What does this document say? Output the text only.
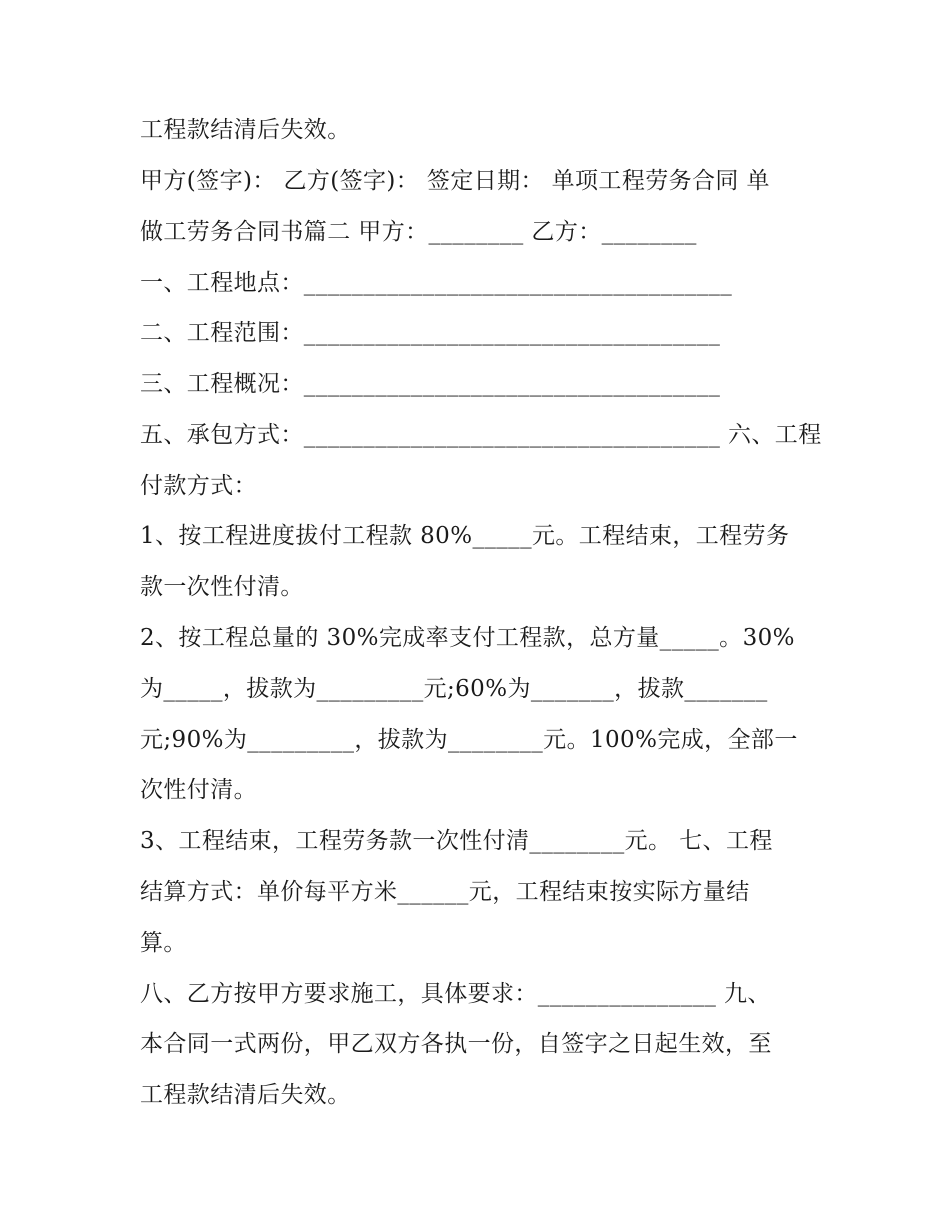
工程款结清后失效。

甲方(签字)： 乙方(签字)： 签定日期： 单项工程劳务合同 单

做工劳务合同书篇二 甲方：________ 乙方：________

一、工程地点：____________________________________

二、工程范围：___________________________________

三、工程概况：___________________________________

五、承包方式：___________________________________ 六、工程

付款方式：

1、按工程进度拔付工程款 80%_____元。工程结束，工程劳务

款一次性付清。

2、按工程总量的 30%完成率支付工程款，总方量_____。30%

为_____，拔款为_________元;60%为_______，拔款_______

元;90%为_________，拔款为________元。100%完成，全部一

次性付清。

3、工程结束，工程劳务款一次性付清________元。 七、工程

结算方式：单价每平方米______元，工程结束按实际方量结

算。

八、乙方按甲方要求施工，具体要求：_______________ 九、

本合同一式两份，甲乙双方各执一份，自签字之日起生效，至

工程款结清后失效。
